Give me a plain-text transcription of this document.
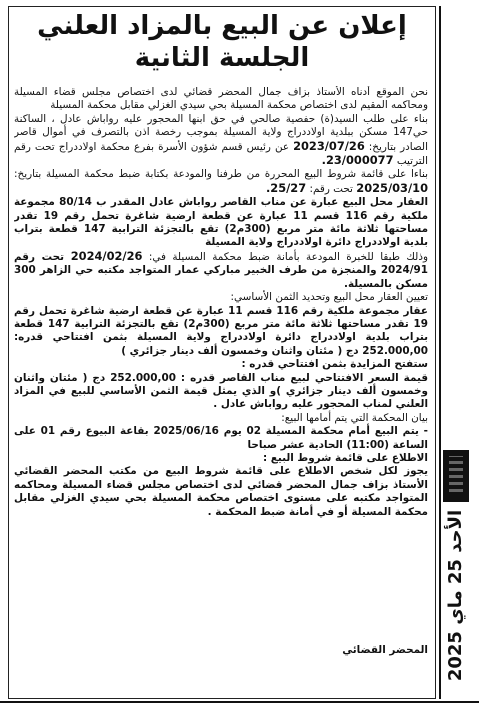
إعلان عن البيع بالمزاد العلني
الجلسة الثانية

نحن الموقع أدناه الأستاذ بزاف جمال المحضر قضائي لدى اختصاص مجلس قضاء المسيلة ومحاكمه المقيم لدى اختصاص محكمة المسيلة بحي سيدي الغزلي مقابل محكمة المسيلة

بناء على طلب السيد(ة) حفصية صالحي في حق ابنها المحجور عليه رواباش عادل ، الساكنة حي147 مسكن ببلدية اولاددراج ولاية المسيلة بموجب رخصة اذن بالتصرف في أموال قاصر الصادر بتاريخ: 2023/07/26 عن رئيس قسم شؤون الأسرة بفرع محكمة اولاددراج تحت رقم الترتيب 23/000077.

بناءا على قائمة شروط البيع المحررة من طرفنا والمودعة بكتابة ضبط محكمة المسيلة بتاريخ: 2025/03/10 تحت رقم: 25/27.

العقار محل البيع عبارة عن مناب القاصر رواباش عادل المقدر ب 80/14 مجموعة ملكية رقم 116 قسم 11 عبارة عن قطعة ارضية شاغرة تحمل رقم 19 تقدر مساحتها ثلاثة مائة متر مربع (300م2) تقع بالتجزئة الترابية 147 قطعة بتراب بلدية اولاددراج دائرة اولاددراج ولاية المسيلة

وذلك طبقا للخبرة المودعة بأمانة ضبط محكمة المسيلة في: 2024/02/26 تحت رقم 2024/91 والمنجزة من طرف الخبير مباركي عمار المتواجد مكتبه حي الزاهر 300 مسكن بالمسيلة.

تعيين العقار محل البيع وتحديد الثمن الأساسي:

عقار مجموعة ملكية رقم 116 قسم 11 عبارة عن قطعة ارضية شاغرة تحمل رقم 19 تقدر مساحتها ثلاثة مائة متر مربع (300م2) تقع بالتجزئة الترابية 147 قطعة بتراب بلدية اولاددراج دائرة اولاددراج ولاية المسيلة بثمن افتتاحي قدره: 252.000,00 دج ( مئتان واثنان وخمسون ألف دينار جزائري )

ستفتح المزايدة بثمن افتتاحي قدره :

قيمة السعر الافتتاحي لبيع مناب القاصر قدره : 252.000,00 دج ( مئتان واثنان وخمسون ألف دينار جزائري )و الذي يمثل قيمة الثمن الأساسي للبيع في المزاد العلني لمناب المحجور عليه رواباش عادل .

بيان المحكمة التي يتم أمامها البيع:

- يتم البيع أمام محكمة المسيلة 02 يوم 2025/06/16 بقاعة البيوع رقم 01 على الساعة (11:00) الحادية عشر صباحا

الاطلاع على قائمة شروط البيع :

يجوز لكل شخص الاطلاع على قائمة شروط البيع من مكتب المحضر القضائي الأستاذ بزاف جمال المحضر قضائي لدى اختصاص مجلس قضاء المسيلة ومحاكمه المتواجد مكتبه على مستوى اختصاص محكمة المسيلة بحي سيدي الغزلي مقابل محكمة المسيلة أو في أمانة ضبط المحكمة .

المحضر القضائي الأحد 25 ماي 2025
